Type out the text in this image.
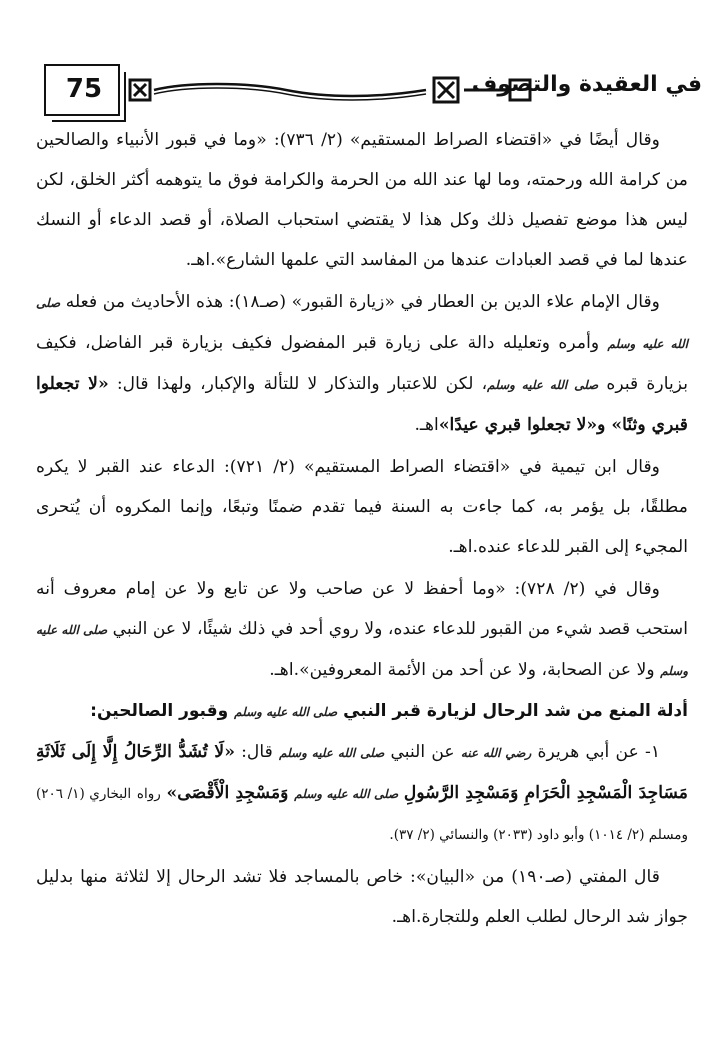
75	في العقيدة والتصوف

وقال أيضًا في «اقتضاء الصراط المستقيم» (٢/ ٧٣٦): «وما في قبور الأنبياء والصالحين من كرامة الله ورحمته، وما لها عند الله من الحرمة والكرامة فوق ما يتوهمه أكثر الخلق، لكن ليس هذا موضع تفصيل ذلك وكل هذا لا يقتضي استحباب الصلاة، أو قصد الدعاء أو النسك عندها لما في قصد العبادات عندها من المفاسد التي علمها الشارع».اهـ.

وقال الإمام علاء الدين بن العطار في «زيارة القبور» (صـ١٨): هذه الأحاديث من فعله صلى الله عليه وسلم وأمره وتعليله دالة على زيارة قبر المفضول فكيف بزيارة قبر الفاضل، فكيف بزيارة قبره صلى الله عليه وسلم، لكن للاعتبار والتذكار لا للتألة والإكبار، ولهذا قال: «لا تجعلوا قبري وثنًا» و«لا تجعلوا قبري عيدًا»اهـ.

وقال ابن تيمية في «اقتضاء الصراط المستقيم» (٢/ ٧٢١): الدعاء عند القبر لا يكره مطلقًا، بل يؤمر به، كما جاءت به السنة فيما تقدم ضمنًا وتبعًا، وإنما المكروه أن يُتحرى المجيء إلى القبر للدعاء عنده.اهـ.

وقال في (٢/ ٧٢٨): «وما أحفظ لا عن صاحب ولا عن تابع ولا عن إمام معروف أنه استحب قصد شيء من القبور للدعاء عنده، ولا روي أحد في ذلك شيئًا، لا عن النبي صلى الله عليه وسلم ولا عن الصحابة، ولا عن أحد من الأئمة المعروفين».اهـ.

أدلة المنع من شد الرحال لزيارة قبر النبي صلى الله عليه وسلم وقبور الصالحين:

١- عن أبي هريرة رضي الله عنه عن النبي صلى الله عليه وسلم قال: «لَا تُشَدُّ الرِّحَالُ إِلَّا إِلَى ثَلَاثَةِ مَسَاجِدَ الْمَسْجِدِ الْحَرَامِ وَمَسْجِدِ الرَّسُولِ صلى الله عليه وسلم وَمَسْجِدِ الْأَقْصَى» رواه البخاري (١/ ٢٠٦) ومسلم (٢/ ١٠١٤) وأبو داود (٢٠٣٣) والنسائي (٢/ ٣٧).

قال المفتي (صـ١٩٠) من «البيان»: خاص بالمساجد فلا تشد الرحال إلا لثلاثة منها بدليل جواز شد الرحال لطلب العلم وللتجارة.اهـ.
